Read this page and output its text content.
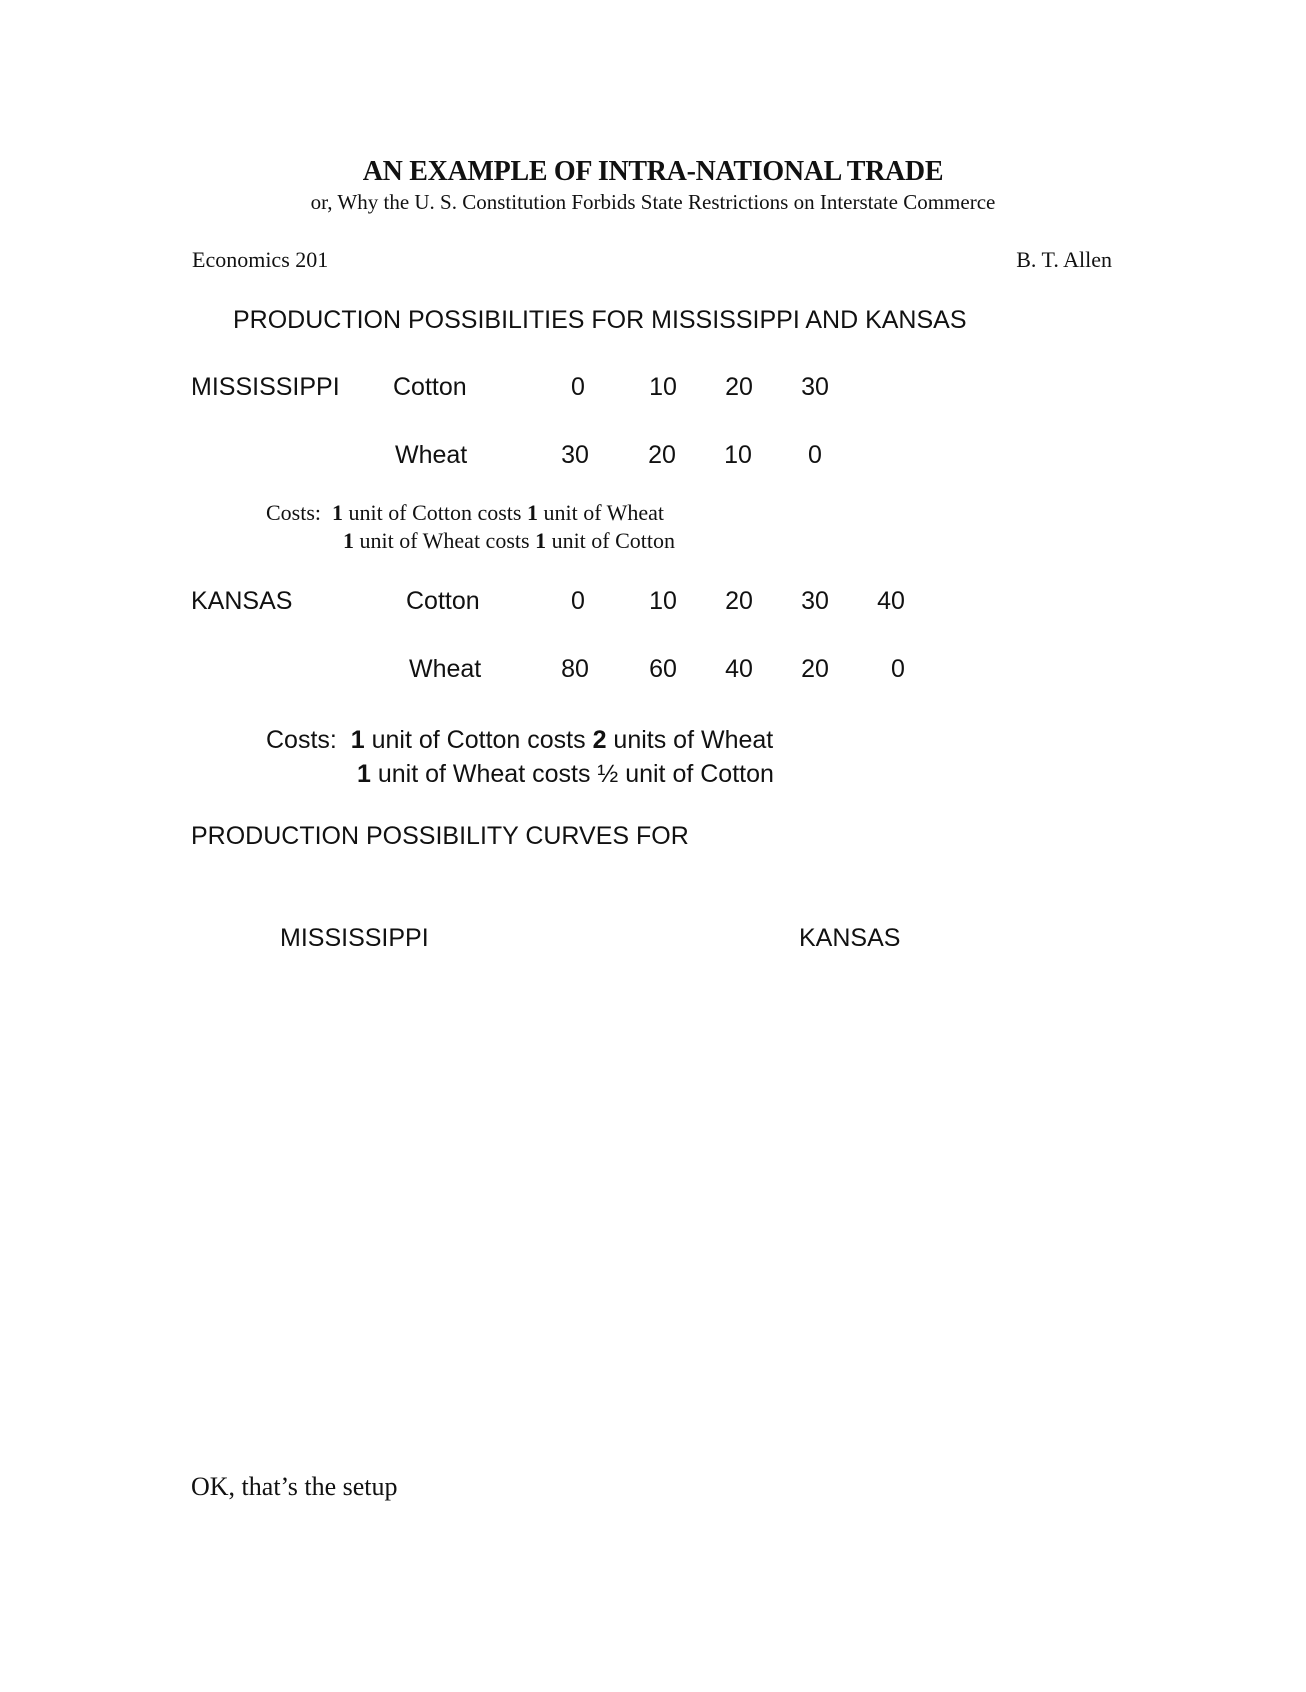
AN EXAMPLE OF INTRA-NATIONAL TRADE
or, Why the U. S. Constitution Forbids State Restrictions on Interstate Commerce
Economics 201	B. T. Allen
PRODUCTION POSSIBILITIES FOR MISSISSIPPI AND KANSAS
MISSISSIPPI Cotton	0	10	20	30
Wheat	30	20	10	0
Costs: 1 unit of Cotton costs 1 unit of Wheat
1 unit of Wheat costs 1 unit of Cotton
KANSAS	Cotton	0	10	20	30	40
Wheat	80	60	40	20	0
Costs: 1 unit of Cotton costs 2 units of Wheat
1 unit of Wheat costs ½ unit of Cotton
PRODUCTION POSSIBILITY CURVES FOR
MISSISSIPPI	KANSAS
OK, that’s the setup
